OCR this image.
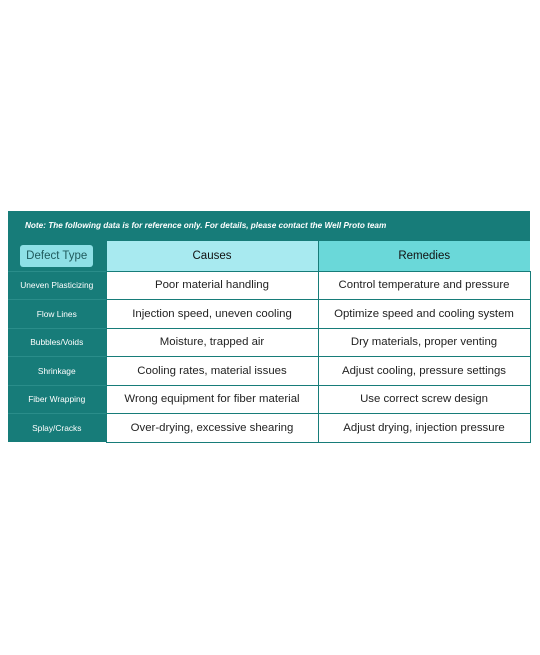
Note: The following data is for reference only. For details, please contact the Well Proto team
Defect Type	Causes	Remedies
Uneven Plasticizing	Poor material handling	Control temperature and pressure
Flow Lines	Injection speed, uneven cooling	Optimize speed and cooling system
Bubbles/Voids	Moisture, trapped air	Dry materials, proper venting
Shrinkage	Cooling rates, material issues	Adjust cooling, pressure settings
Fiber Wrapping	Wrong equipment for fiber material	Use correct screw design
Splay/Cracks	Over-drying, excessive shearing	Adjust drying, injection pressure
